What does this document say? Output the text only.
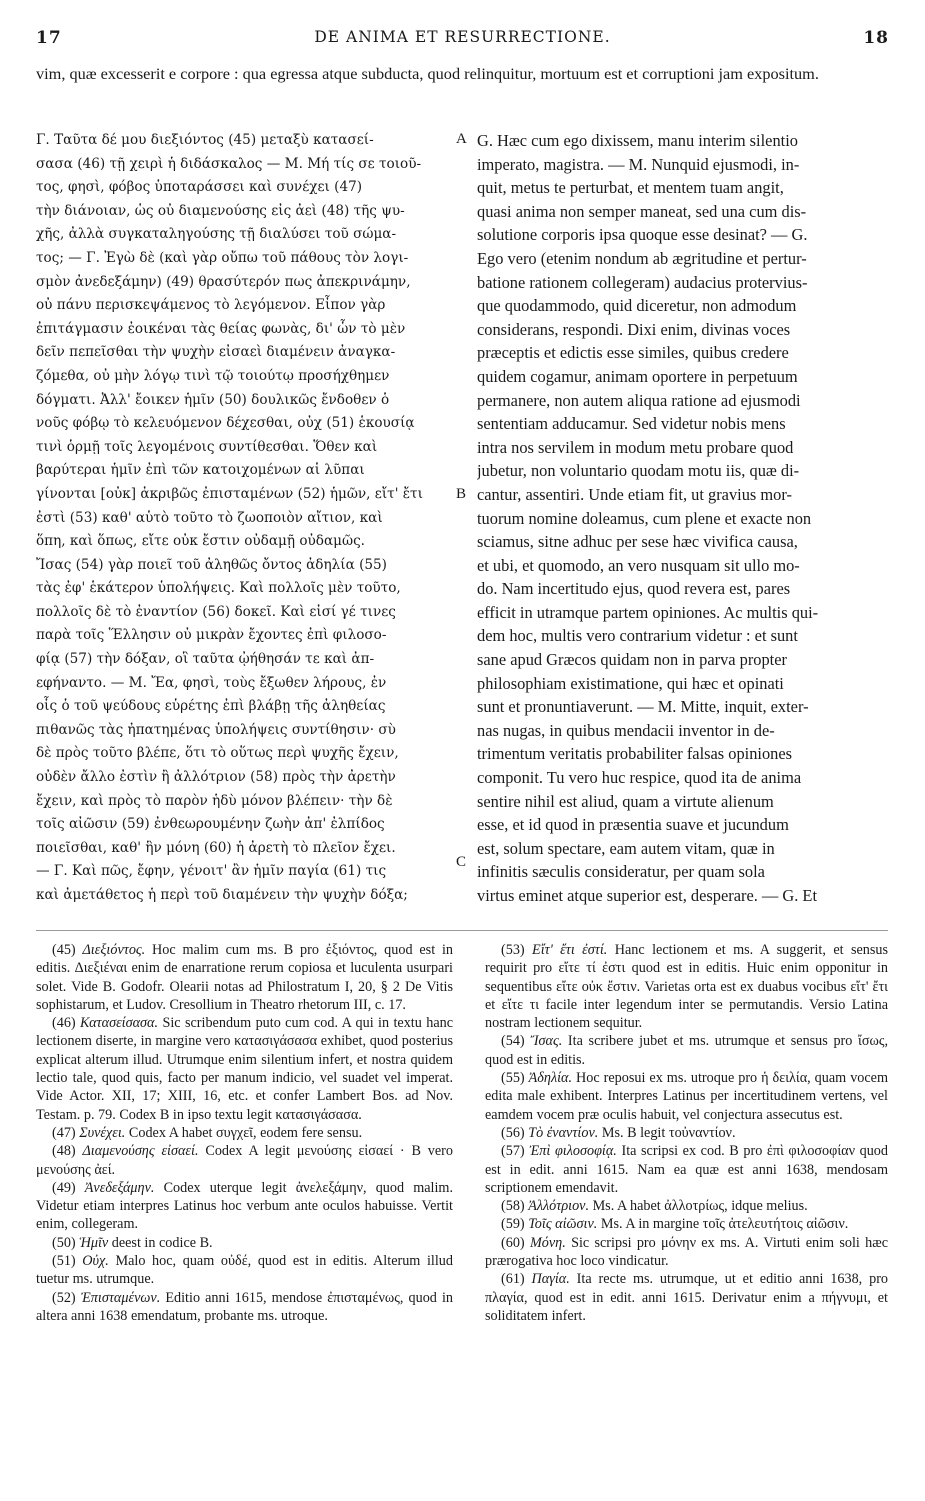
17	DE ANIMA ET RESURRECTIONE.	18
vim, quæ excesserit e corpore : qua egressa atque subducta, quod relinquitur, mortuum est et corruptioni jam expositum.
Γ. Ταῦτα δέ μου διεξιόντος (45) μεταξὺ κατασεί-
σασα (46) τῇ χειρὶ ἡ διδάσκαλος — Μ. Μή τίς σε τοιοῦ-
τος, φησὶ, φόβος ὑποταράσσει καὶ συνέχει (47)
τὴν διάνοιαν, ὡς οὐ διαμενούσης εἰς ἀεὶ (48) τῆς ψυ-
χῆς, ἀλλὰ συγκαταληγούσης τῇ διαλύσει τοῦ σώμα-
τος; — Γ. Ἐγὼ δὲ (καὶ γὰρ οὔπω τοῦ πάθους τὸν λογι-
σμὸν ἀνεδεξάμην) (49) θρασύτερόν πως ἀπεκρινάμην,
οὐ πάνυ περισκεψάμενος τὸ λεγόμενον. Εἶπον γὰρ
ἐπιτάγμασιν ἐοικέναι τὰς θείας φωνὰς, δι' ὧν τὸ μὲν
δεῖν πεπεῖσθαι τὴν ψυχὴν εἰσαεὶ διαμένειν ἀναγκα-
ζόμεθα, οὐ μὴν λόγῳ τινὶ τῷ τοιούτῳ προσήχθημεν
δόγματι. Ἀλλ' ἔοικεν ἡμῖν (50) δουλικῶς ἔνδοθεν ὁ
νοῦς φόβῳ τὸ κελευόμενον δέχεσθαι, οὐχ (51) ἑκουσίᾳ
τινὶ ὁρμῇ τοῖς λεγομένοις συντίθεσθαι. Ὅθεν καὶ
βαρύτεραι ἡμῖν ἐπὶ τῶν κατοιχομένων αἱ λῦπαι
γίνονται [οὐκ] ἀκριβῶς ἐπισταμένων (52) ἡμῶν, εἴτ' ἔτι
ἐστὶ (53) καθ' αὑτὸ τοῦτο τὸ ζωοποιὸν αἴτιον, καὶ
ὅπη, καὶ ὅπως, εἴτε οὐκ ἔστιν οὐδαμῇ οὐδαμῶς.
Ἴσας (54) γὰρ ποιεῖ τοῦ ἀληθῶς ὄντος ἀδηλία (55)
τὰς ἐφ' ἑκάτερον ὑπολήψεις. Καὶ πολλοῖς μὲν τοῦτο,
πολλοῖς δὲ τὸ ἐναντίον (56) δοκεῖ. Καὶ εἰσί γέ τινες
παρὰ τοῖς Ἕλλησιν οὐ μικρὰν ἔχοντες ἐπὶ φιλοσο-
φίᾳ (57) τὴν δόξαν, οἳ ταῦτα ᾠήθησάν τε καὶ ἀπ-
εφήναντο. — Μ. Ἔα, φησὶ, τοὺς ἔξωθεν λήρους, ἐν
οἷς ὁ τοῦ ψεύδους εὑρέτης ἐπὶ βλάβῃ τῆς ἀληθείας
πιθανῶς τὰς ἠπατημένας ὑπολήψεις συντίθησιν· σὺ
δὲ πρὸς τοῦτο βλέπε, ὅτι τὸ οὕτως περὶ ψυχῆς ἔχειν,
οὐδὲν ἄλλο ἐστὶν ἢ ἀλλότριον (58) πρὸς τὴν ἀρετὴν
ἔχειν, καὶ πρὸς τὸ παρὸν ἡδὺ μόνον βλέπειν· τὴν δὲ
τοῖς αἰῶσιν (59) ἐνθεωρουμένην ζωὴν ἀπ' ἐλπίδος
ποιεῖσθαι, καθ' ἣν μόνη (60) ἡ ἀρετὴ τὸ πλεῖον ἔχει.
— Γ. Καὶ πῶς, ἔφην, γένοιτ' ἂν ἡμῖν παγία (61) τις
καὶ ἀμετάθετος ἡ περὶ τοῦ διαμένειν τὴν ψυχὴν δόξα;
G. Hæc cum ego dixissem, manu interim silentio
imperato, magistra. — M. Nunquid ejusmodi, in-
quit, metus te perturbat, et mentem tuam angit,
quasi anima non semper maneat, sed una cum dis-
solutione corporis ipsa quoque esse desinat? — G.
Ego vero (etenim nondum ab ægritudine et pertur-
batione rationem collegeram) audacius protervius-
que quodammodo, quid diceretur, non admodum
considerans, respondi. Dixi enim, divinas voces
præceptis et edictis esse similes, quibus credere
quidem cogamur, animam oportere in perpetuum
permanere, non autem aliqua ratione ad ejusmodi
sententiam adducamur. Sed videtur nobis mens
intra nos servilem in modum metu probare quod
jubetur, non voluntario quodam motu iis, quæ di-
cantur, assentiri. Unde etiam fit, ut gravius mor-
tuorum nomine doleamus, cum plene et exacte non
sciamus, sitne adhuc per sese hæc vivifica causa,
et ubi, et quomodo, an vero nusquam sit ullo mo-
do. Nam incertitudo ejus, quod revera est, pares
efficit in utramque partem opiniones. Ac multis qui-
dem hoc, multis vero contrarium videtur : et sunt
sane apud Græcos quidam non in parva propter
philosophiam existimatione, qui hæc et opinati
sunt et pronuntiaverunt. — M. Mitte, inquit, exter-
nas nugas, in quibus mendacii inventor in de-
trimentum veritatis probabiliter falsas opiniones
componit. Tu vero huc respice, quod ita de anima
sentire nihil est aliud, quam a virtute alienum
esse, et id quod in præsentia suave et jucundum
est, solum spectare, eam autem vitam, quæ in
infinitis sæculis consideratur, per quam sola
virtus eminet atque superior est, desperare. — G. Et
A
B
C
(45) Διεξιόντος. Hoc malim cum ms. B pro ἐξιόντος, quod est in editis. Διεξιέναι enim de enarratione rerum copiosa et luculenta usurpari solet. Vide B. Godofr. Olearii notas ad Philostratum I, 20, § 2 De Vitis sophistarum, et Ludov. Cresollium in Theatro rhetorum III, c. 17.
(46) Κατασείσασα. Sic scribendum puto cum cod. A qui in textu hanc lectionem diserte, in margine vero κατασιγάσασα exhibet, quod posterius explicat alterum illud. Utrumque enim silentium infert, et nostra quidem lectio tale, quod quis, facto per manum indicio, vel suadet vel imperat. Vide Actor. XII, 17; XIII, 16, etc. et confer Lambert Bos. ad Nov. Testam. p. 79. Codex B in ipso textu legit κατασιγάσασα.
(47) Συνέχει. Codex A habet συγχεῖ, eodem fere sensu.
(48) Διαμενούσης εἰσαεί. Codex A legit μενούσης εἰσαεί · B vero μενούσης ἀεί.
(49) Ἀνεδεξάμην. Codex uterque legit ἀνελεξάμην, quod malim. Videtur etiam interpres Latinus hoc verbum ante oculos habuisse. Vertit enim, collegeram.
(50) Ἡμῖν deest in codice B.
(51) Οὐχ. Malo hoc, quam οὐδέ, quod est in editis. Alterum illud tuetur ms. utrumque.
(52) Ἐπισταμένων. Editio anni 1615, mendose ἐπισταμένως, quod in altera anni 1638 emendatum, probante ms. utroque.
(53) Εἴτ' ἔτι ἐστί. Hanc lectionem et ms. A suggerit, et sensus requirit pro εἴτε τί ἐστι quod est in editis. Huic enim opponitur in sequentibus εἴτε οὐκ ἔστιν. Varietas orta est ex duabus vocibus εἴτ' ἔτι et εἴτε τι facile inter legendum inter se permutandis. Versio Latina nostram lectionem sequitur.
(54) Ἴσας. Ita scribere jubet et ms. utrumque et sensus pro ἴσως, quod est in editis.
(55) Ἀδηλία. Hoc reposui ex ms. utroque pro ἡ δειλία, quam vocem edita male exhibent. Interpres Latinus per incertitudinem vertens, vel eamdem vocem præ oculis habuit, vel conjectura assecutus est.
(56) Τὸ ἐναντίον. Ms. B legit τοὐναντίον.
(57) Ἐπὶ φιλοσοφίᾳ. Ita scripsi ex cod. B pro ἐπὶ φιλοσοφίαν quod est in edit. anni 1615. Nam ea quæ est anni 1638, mendosam scriptionem emendavit.
(58) Ἀλλότριον. Ms. A habet ἀλλοτρίως, idque melius.
(59) Τοῖς αἰῶσιν. Ms. A in margine τοῖς ἀτελευτήτοις αἰῶσιν.
(60) Μόνη. Sic scripsi pro μόνην ex ms. A. Virtuti enim soli hæc prærogativa hoc loco vindicatur.
(61) Παγία. Ita recte ms. utrumque, ut et editio anni 1638, pro πλαγία, quod est in edit. anni 1615. Derivatur enim a πήγνυμι, et soliditatem infert.
